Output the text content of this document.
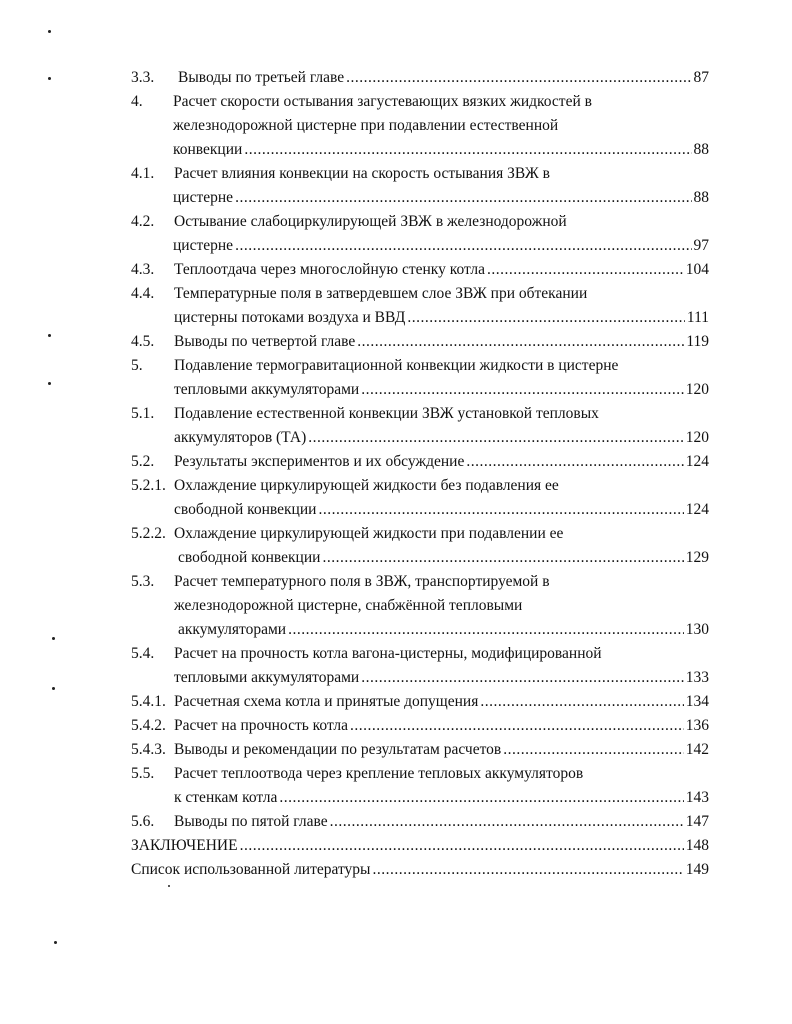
3.3. Выводы по третьей главе .....	87
4. Расчет скорости остывания загустевающих вязких жидкостей в
железнодорожной цистерне при подавлении естественной
конвекции .....	88
4.1. Расчет влияния конвекции на скорость остывания ЗВЖ в
цистерне .....	88
4.2. Остывание слабоциркулирующей ЗВЖ в железнодорожной
цистерне .....	97
4.3. Теплоотдача через многослойную стенку котла .....	104
4.4. Температурные поля в затвердевшем слое ЗВЖ при обтекании
цистерны потоками воздуха и ВВД .....	111
4.5. Выводы по четвертой главе .....	119
5. Подавление термогравитационной конвекции жидкости в цистерне
тепловыми аккумуляторами .....	120
5.1. Подавление естественной конвекции ЗВЖ установкой тепловых
аккумуляторов (ТА) .....	120
5.2. Результаты экспериментов и их обсуждение .....	124
5.2.1. Охлаждение циркулирующей жидкости без подавления ее
свободной конвекции .....	124
5.2.2. Охлаждение циркулирующей жидкости при подавлении ее
свободной конвекции .....	129
5.3. Расчет температурного поля в ЗВЖ, транспортируемой в
железнодорожной цистерне, снабжённой тепловыми
аккумуляторами .....	130
5.4. Расчет на прочность котла вагона-цистерны, модифицированной
тепловыми аккумуляторами .....	133
5.4.1. Расчетная схема котла и принятые допущения .....	134
5.4.2. Расчет на прочность котла .....	136
5.4.3. Выводы и рекомендации по результатам расчетов .....	142
5.5. Расчет теплоотвода через крепление тепловых аккумуляторов
к стенкам котла .....	143
5.6. Выводы по пятой главе .....	147
ЗАКЛЮЧЕНИЕ .....	148
Список использованной литературы .....	149
